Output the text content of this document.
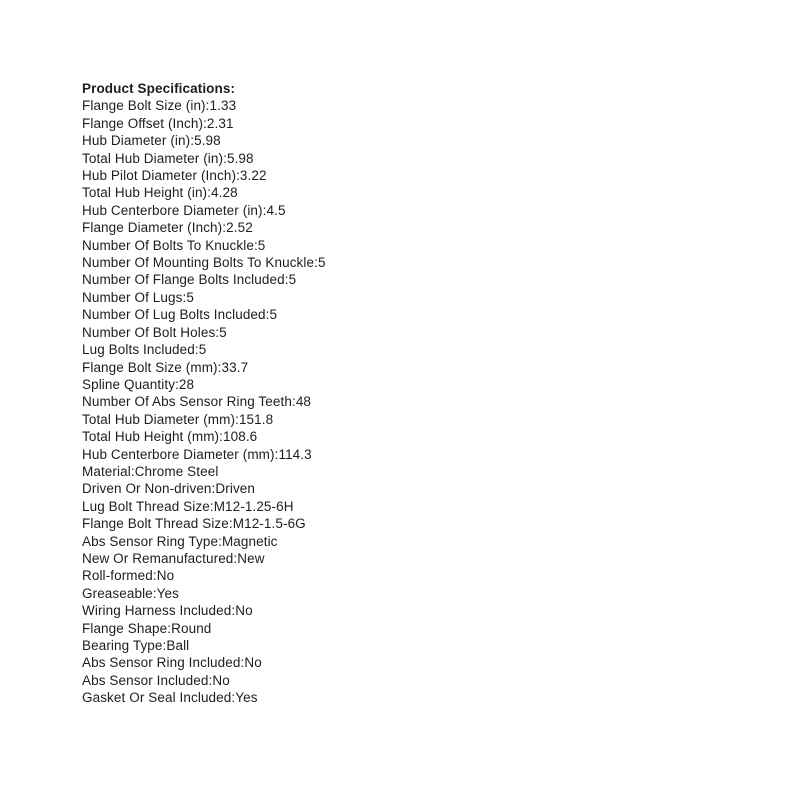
Product Specifications:
Flange Bolt Size (in):1.33
Flange Offset (Inch):2.31
Hub Diameter (in):5.98
Total Hub Diameter (in):5.98
Hub Pilot Diameter (Inch):3.22
Total Hub Height (in):4.28
Hub Centerbore Diameter (in):4.5
Flange Diameter (Inch):2.52
Number Of Bolts To Knuckle:5
Number Of Mounting Bolts To Knuckle:5
Number Of Flange Bolts Included:5
Number Of Lugs:5
Number Of Lug Bolts Included:5
Number Of Bolt Holes:5
Lug Bolts Included:5
Flange Bolt Size (mm):33.7
Spline Quantity:28
Number Of Abs Sensor Ring Teeth:48
Total Hub Diameter (mm):151.8
Total Hub Height (mm):108.6
Hub Centerbore Diameter (mm):114.3
Material:Chrome Steel
Driven Or Non-driven:Driven
Lug Bolt Thread Size:M12-1.25-6H
Flange Bolt Thread Size:M12-1.5-6G
Abs Sensor Ring Type:Magnetic
New Or Remanufactured:New
Roll-formed:No
Greaseable:Yes
Wiring Harness Included:No
Flange Shape:Round
Bearing Type:Ball
Abs Sensor Ring Included:No
Abs Sensor Included:No
Gasket Or Seal Included:Yes
